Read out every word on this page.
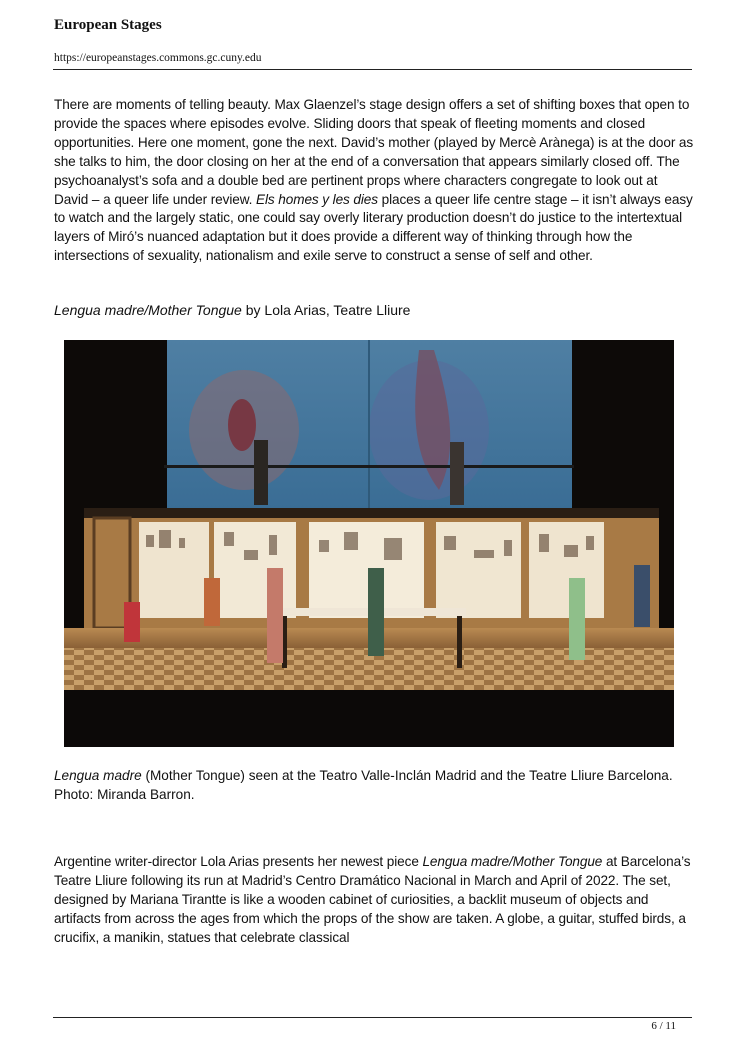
European Stages
https://europeanstages.commons.gc.cuny.edu

There are moments of telling beauty. Max Glaenzel’s stage design offers a set of shifting boxes that open to provide the spaces where episodes evolve. Sliding doors that speak of fleeting moments and closed opportunities. Here one moment, gone the next. David’s mother (played by Mercè Arànega) is at the door as she talks to him, the door closing on her at the end of a conversation that appears similarly closed off. The psychoanalyst’s sofa and a double bed are pertinent props where characters congregate to look out at David – a queer life under review. Els homes y les dies places a queer life centre stage – it isn’t always easy to watch and the largely static, one could say overly literary production doesn’t do justice to the intertextual layers of Miró’s nuanced adaptation but it does provide a different way of thinking through how the intersections of sexuality, nationalism and exile serve to construct a sense of self and other.

Lengua madre/Mother Tongue by Lola Arias, Teatre Lliure

Lengua madre (Mother Tongue) seen at the Teatro Valle-Inclán Madrid and the Teatre Lliure Barcelona. Photo: Miranda Barron.

Argentine writer-director Lola Arias presents her newest piece Lengua madre/Mother Tongue at Barcelona’s Teatre Lliure following its run at Madrid’s Centro Dramático Nacional in March and April of 2022. The set, designed by Mariana Tirantte is like a wooden cabinet of curiosities, a backlit museum of objects and artifacts from across the ages from which the props of the show are taken. A globe, a guitar, stuffed birds, a crucifix, a manikin, statues that celebrate classical

6 / 11
